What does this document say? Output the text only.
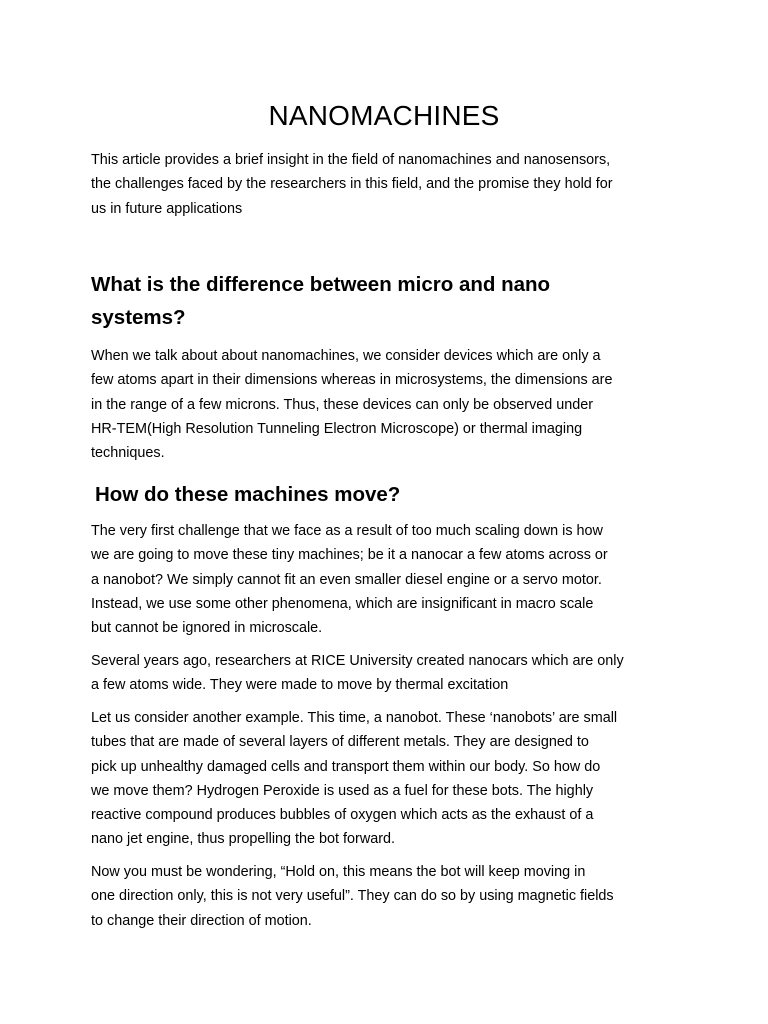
NANOMACHINES
This article provides a brief insight in the field of nanomachines and nanosensors,
the challenges faced by the researchers in this field, and the promise they hold for
us in future applications
What is the difference between micro and nano
systems?
When we talk about about nanomachines, we consider devices which are only a
few atoms apart in their dimensions whereas in microsystems, the dimensions are
in the range of a few microns. Thus, these devices can only be observed under
HR-TEM(High Resolution Tunneling Electron Microscope) or thermal imaging
techniques.
How do these machines move?
The very first challenge that we face as a result of too much scaling down is how
we are going to move these tiny machines; be it a nanocar a few atoms across or
a nanobot? We simply cannot fit an even smaller diesel engine or a servo motor.
Instead, we use some other phenomena, which are insignificant in macro scale
but cannot be ignored in microscale.
Several years ago, researchers at RICE University created nanocars which are only
a few atoms wide. They were made to move by thermal excitation
Let us consider another example. This time, a nanobot. These ‘nanobots’ are small
tubes that are made of several layers of different metals. They are designed to
pick up unhealthy damaged cells and transport them within our body. So how do
we move them? Hydrogen Peroxide is used as a fuel for these bots. The highly
reactive compound produces bubbles of oxygen which acts as the exhaust of a
nano jet engine, thus propelling the bot forward.
Now you must be wondering, “Hold on, this means the bot will keep moving in
one direction only, this is not very useful”. They can do so by using magnetic fields
to change their direction of motion.
